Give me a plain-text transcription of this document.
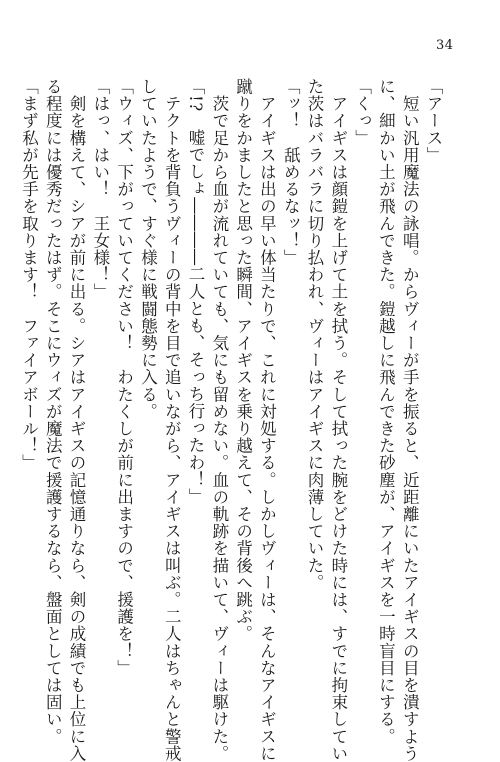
34

「アース」

　短い汎用魔法の詠唱。からヴィーが手を振ると、近距離にいたアイギスの目を潰すよう

に、細かい土が飛んできた。鎧越しに飛んできた砂塵が、アイギスを一時盲目にする。

「くっ」

　アイギスは顔鎧を上げて土を拭う。そして拭った腕をどけた時には、すでに拘束してい

た茨はバラバラに切り払われ、ヴィーはアイギスに肉薄していた。

「ッ！　舐めるなッ！」

　アイギスは出の早い体当たりで、これに対処する。しかしヴィーは、そんなアイギスに

蹴りをかましたと思った瞬間、アイギスを乗り越えて、その背後へ跳ぶ。

　茨で足から血が流れていても、気にも留めない。血の軌跡を描いて、ヴィーは駆けた。

「!?　嘘でしょ――――二人とも、そっち行ったわ！」

　テクトを背負うヴィーの背中を目で追いながら、アイギスは叫ぶ。二人はちゃんと警戒

していたようで、すぐ様に戦闘態勢に入る。

「ウィズ、下がっていてください！　わたくしが前に出ますので、援護を！」

「はっ、はい！　王女様！」

　剣を構えて、シアが前に出る。シアはアイギスの記憶通りなら、剣の成績でも上位に入

る程度には優秀だったはず。そこにウィズが魔法で援護するなら、盤面としては固い。

「まず私が先手を取ります！　ファイアボール！」
